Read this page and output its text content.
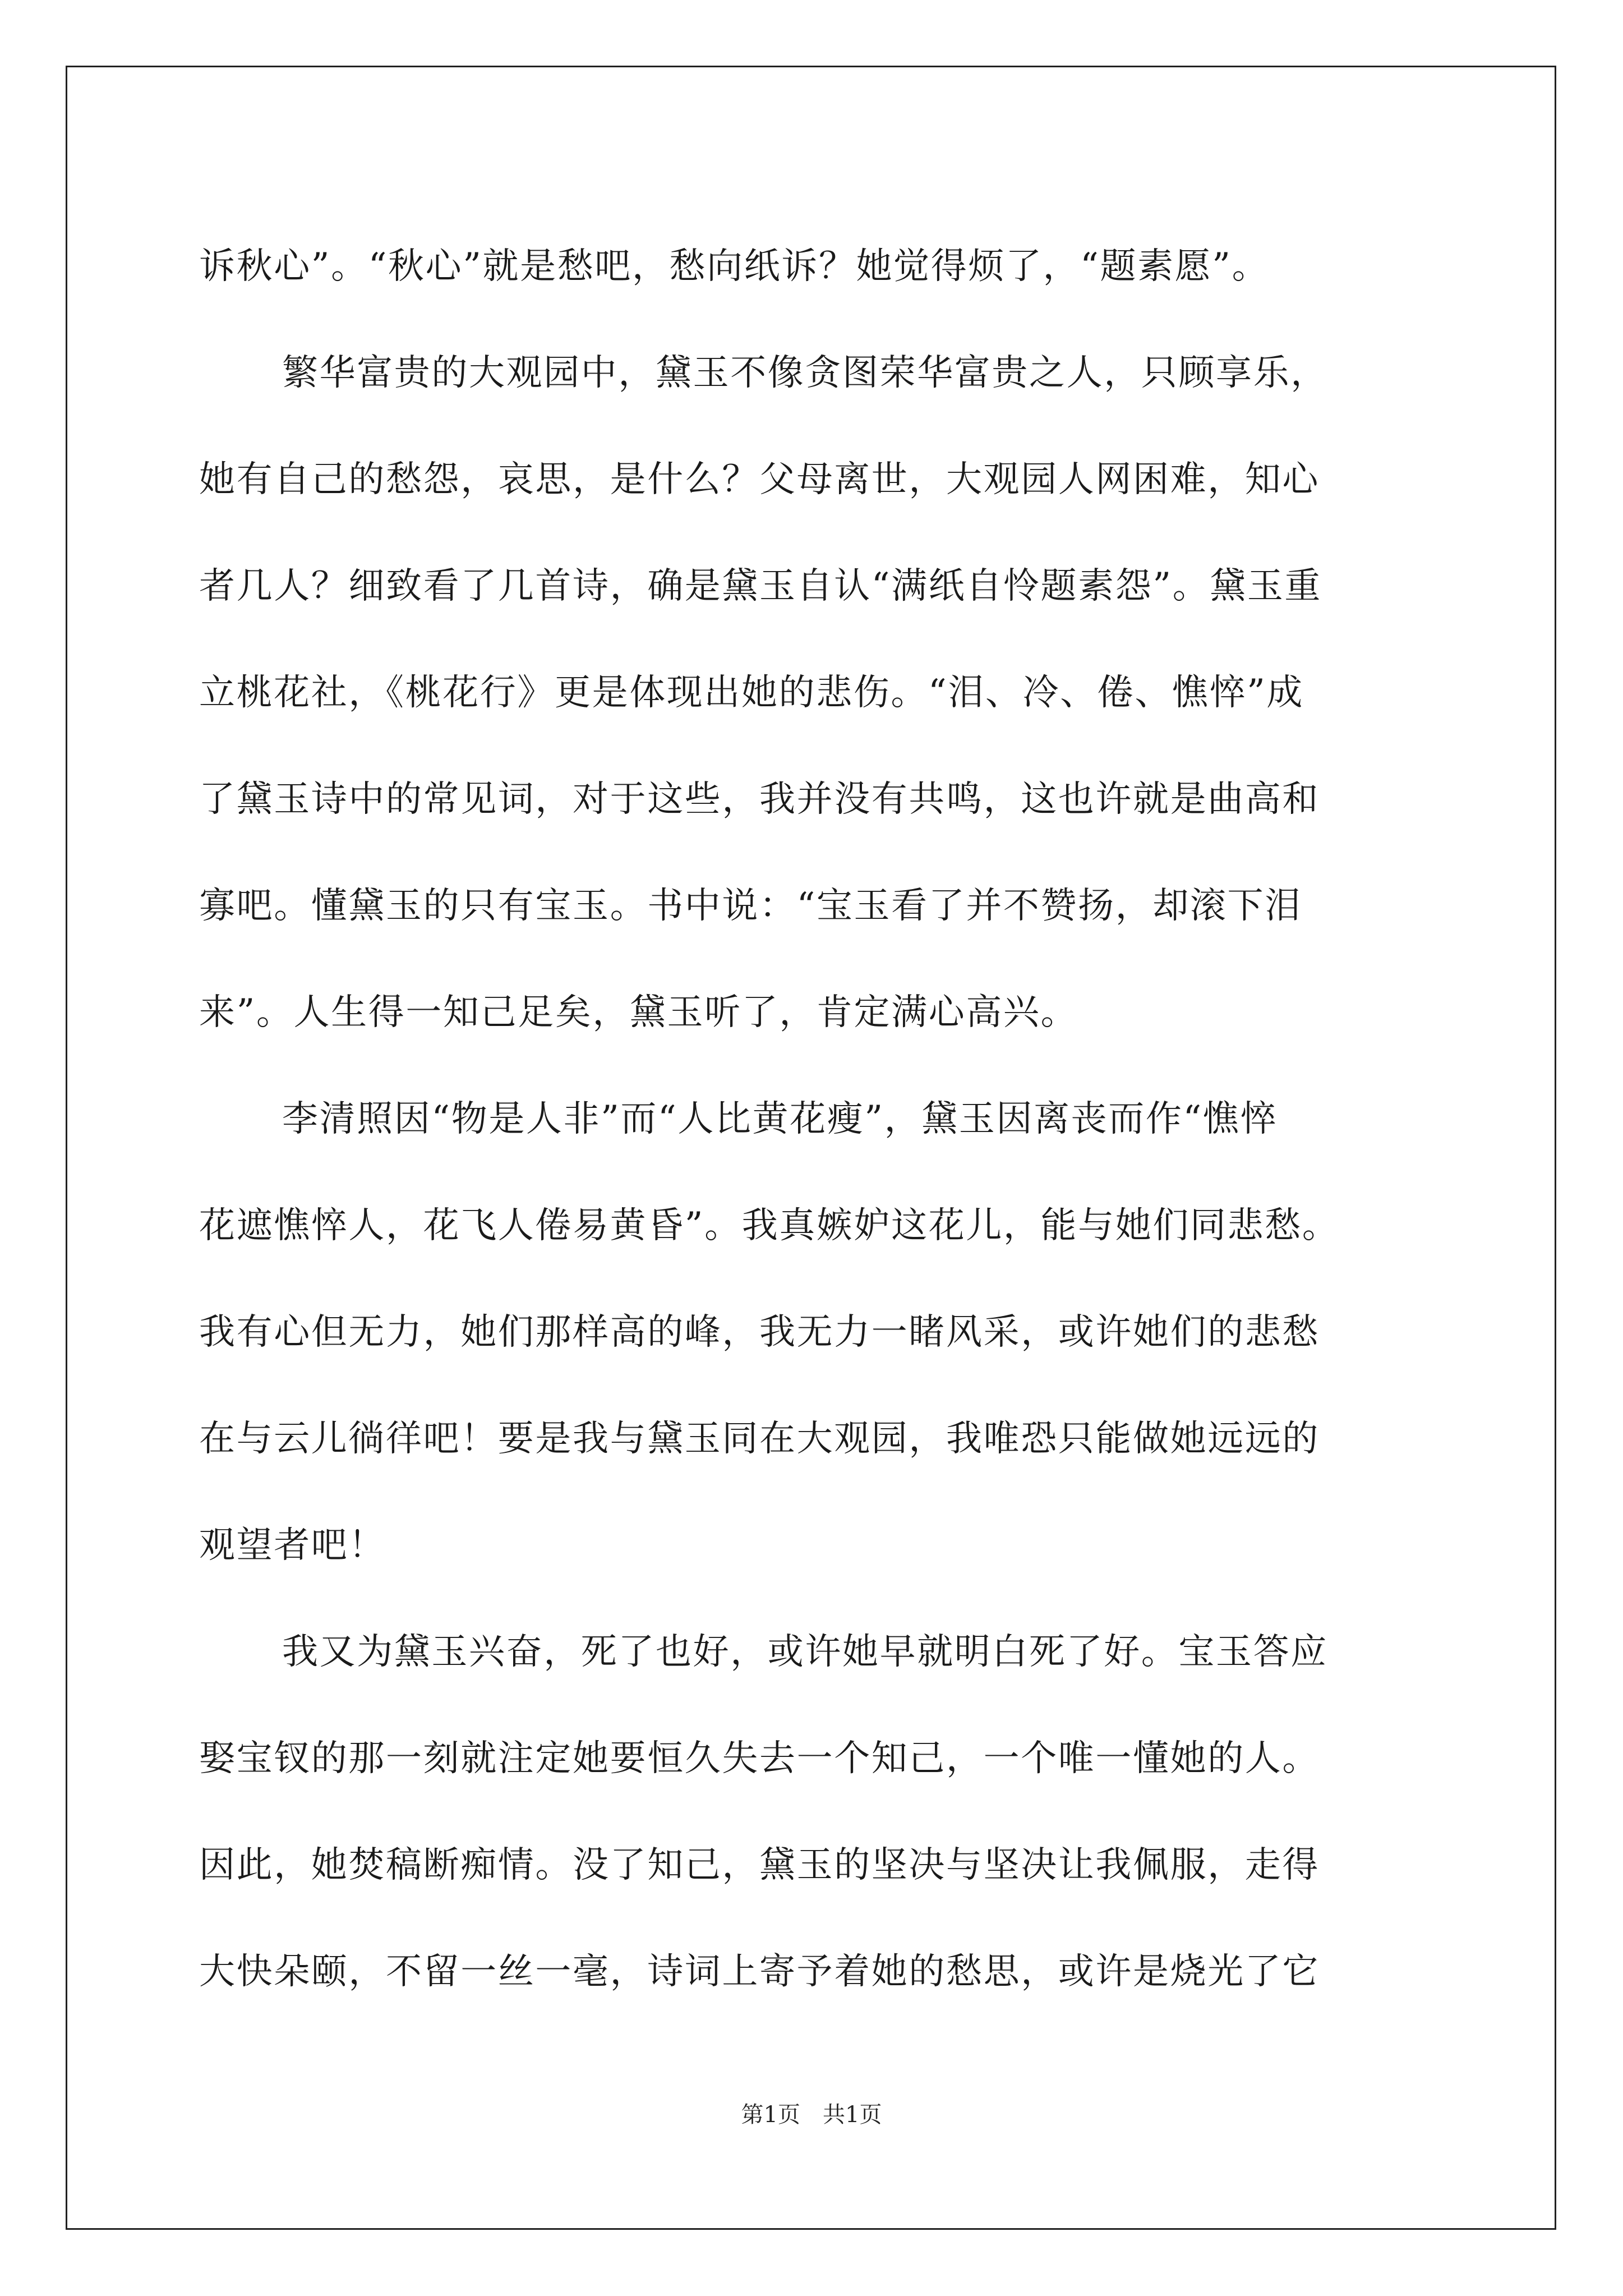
诉秋心”。“秋心”就是愁吧，愁向纸诉？她觉得烦了，“题素愿”。
繁华富贵的大观园中，黛玉不像贪图荣华富贵之人，只顾享乐，
她有自己的愁怨，哀思，是什么？父母离世，大观园人网困难，知心
者几人？细致看了几首诗，确是黛玉自认“满纸自怜题素怨”。黛玉重
立桃花社，《桃花行》更是体现出她的悲伤。“泪、冷、倦、憔悴”成
了黛玉诗中的常见词，对于这些，我并没有共鸣，这也许就是曲高和
寡吧。懂黛玉的只有宝玉。书中说：“宝玉看了并不赞扬，却滚下泪
来”。人生得一知己足矣，黛玉听了，肯定满心高兴。
李清照因“物是人非”而“人比黄花瘦”，黛玉因离丧而作“憔悴
花遮憔悴人，花飞人倦易黄昏”。我真嫉妒这花儿，能与她们同悲愁。
我有心但无力，她们那样高的峰，我无力一睹风采，或许她们的悲愁
在与云儿徜徉吧！要是我与黛玉同在大观园，我唯恐只能做她远远的
观望者吧！
我又为黛玉兴奋，死了也好，或许她早就明白死了好。宝玉答应
娶宝钗的那一刻就注定她要恒久失去一个知己，一个唯一懂她的人。
因此，她焚稿断痴情。没了知己，黛玉的坚决与坚决让我佩服，走得
大快朵颐，不留一丝一毫，诗词上寄予着她的愁思，或许是烧光了它
第1页　共1页
